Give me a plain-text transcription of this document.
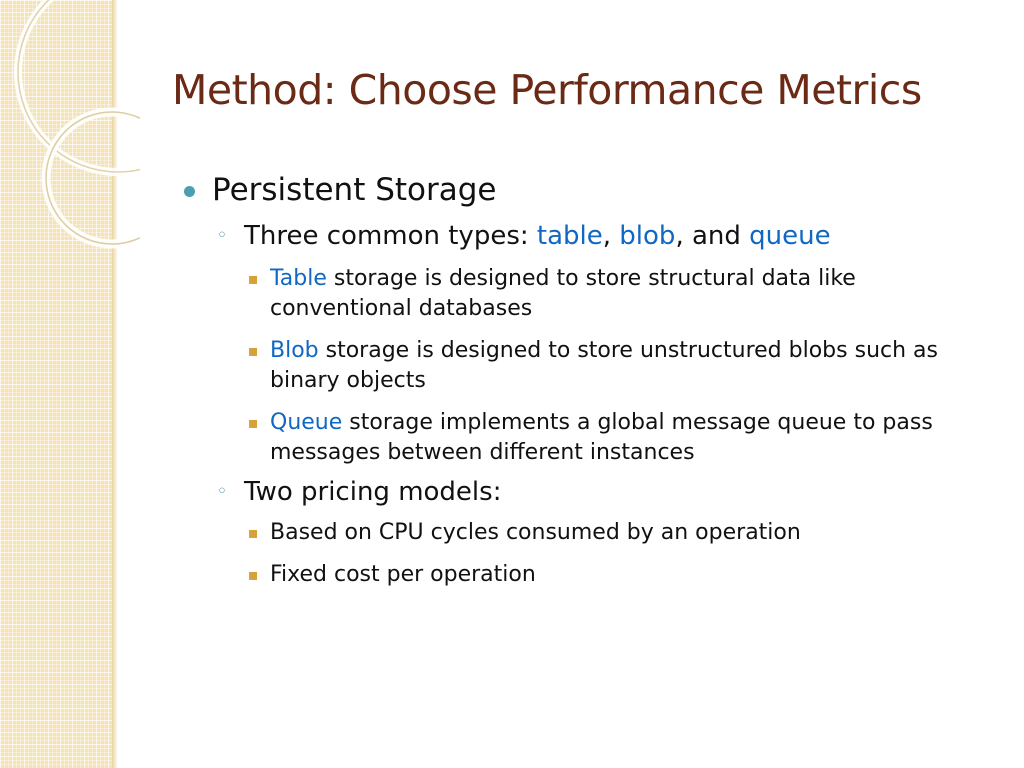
Method: Choose Performance Metrics
Persistent Storage
◦ Three common types: table, blob, and queue
▪ Table storage is designed to store structural data like conventional databases
▪ Blob storage is designed to store unstructured blobs such as binary objects
▪ Queue storage implements a global message queue to pass messages between different instances
◦ Two pricing models:
▪ Based on CPU cycles consumed by an operation
▪ Fixed cost per operation
